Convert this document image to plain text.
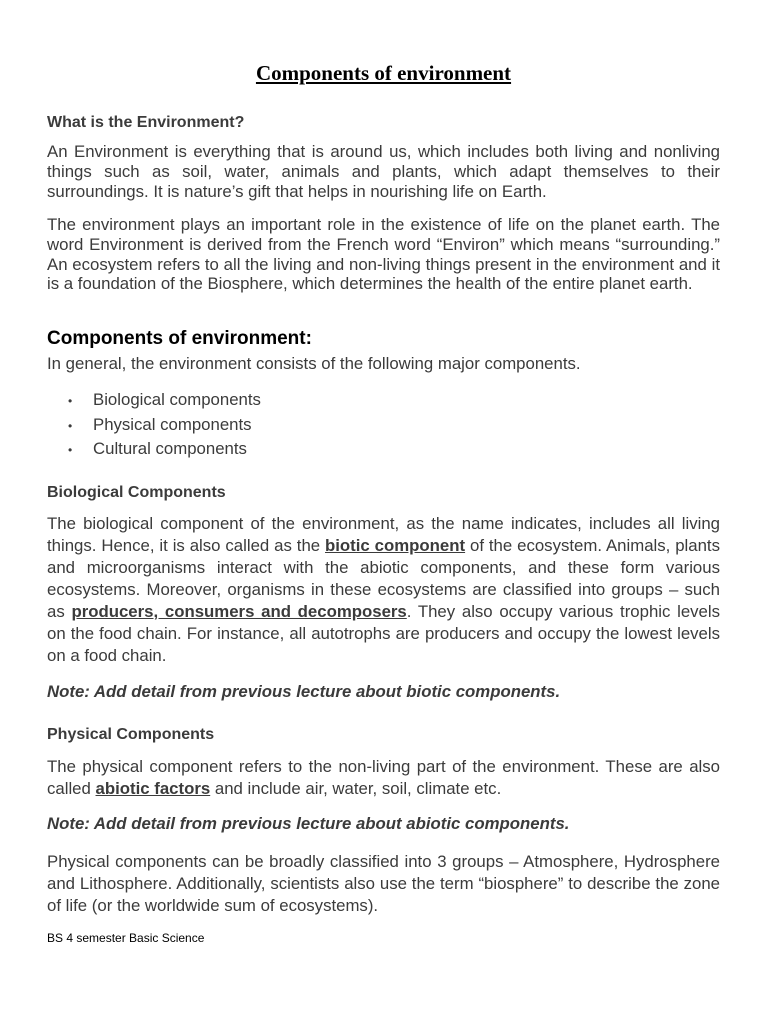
Components of environment

What is the Environment?

An Environment is everything that is around us, which includes both living and nonliving things such as soil, water, animals and plants, which adapt themselves to their surroundings. It is nature’s gift that helps in nourishing life on Earth.

The environment plays an important role in the existence of life on the planet earth. The word Environment is derived from the French word “Environ” which means “surrounding.” An ecosystem refers to all the living and non-living things present in the environment and it is a foundation of the Biosphere, which determines the health of the entire planet earth.

Components of environment:

In general, the environment consists of the following major components.

• Biological components
• Physical components
• Cultural components

Biological Components

The biological component of the environment, as the name indicates, includes all living things. Hence, it is also called as the biotic component of the ecosystem. Animals, plants and microorganisms interact with the abiotic components, and these form various ecosystems. Moreover, organisms in these ecosystems are classified into groups – such as producers, consumers and decomposers. They also occupy various trophic levels on the food chain. For instance, all autotrophs are producers and occupy the lowest levels on a food chain.

Note: Add detail from previous lecture about biotic components.

Physical Components

The physical component refers to the non-living part of the environment. These are also called abiotic factors and include air, water, soil, climate etc.

Note: Add detail from previous lecture about abiotic components.

Physical components can be broadly classified into 3 groups – Atmosphere, Hydrosphere and Lithosphere. Additionally, scientists also use the term “biosphere” to describe the zone of life (or the worldwide sum of ecosystems).

BS 4 semester Basic Science
